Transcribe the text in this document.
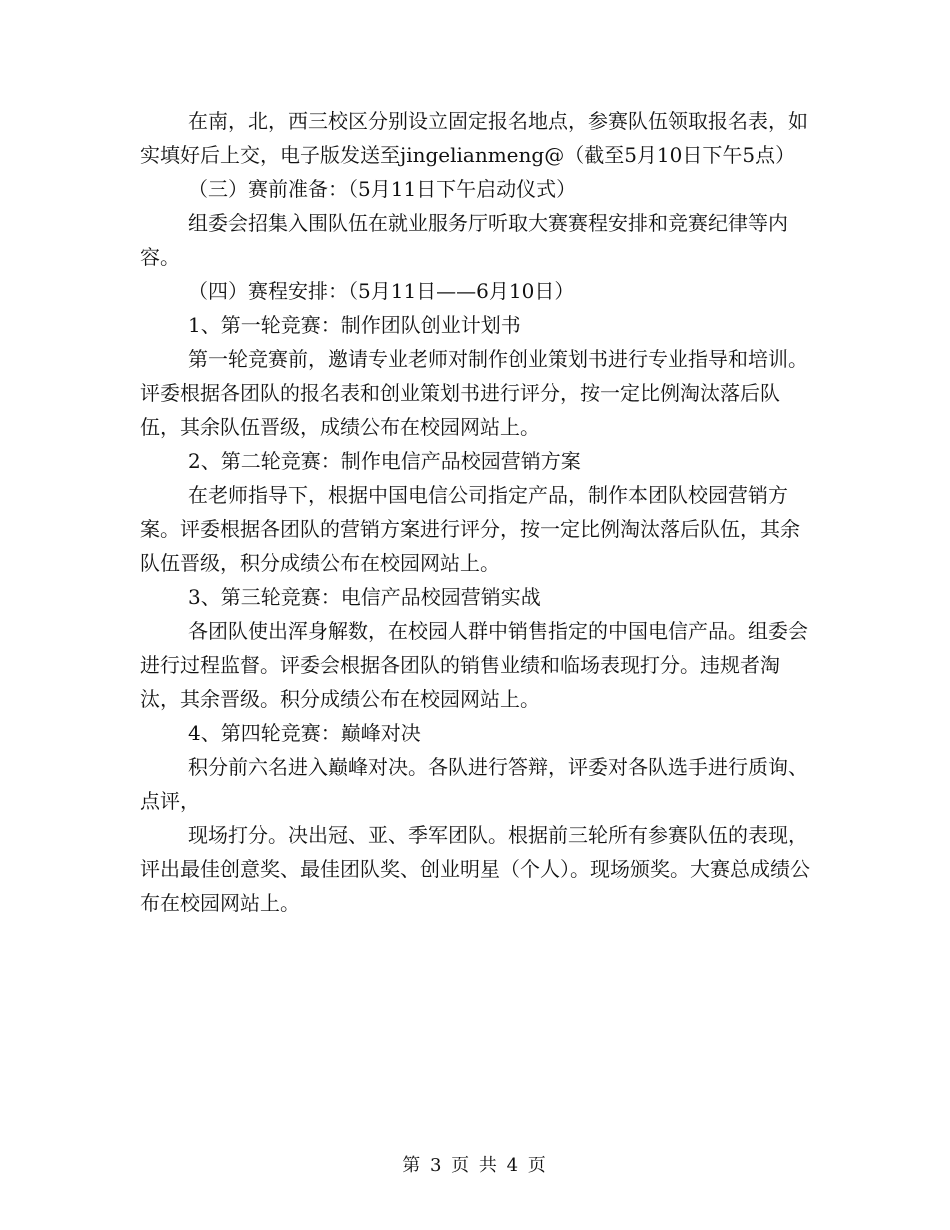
在南，北，西三校区分别设立固定报名地点，参赛队伍领取报名表，如实填好后上交，电子版发送至jingelianmeng@（截至5月10日下午5点）

（三）赛前准备：（5月11日下午启动仪式）

组委会招集入围队伍在就业服务厅听取大赛赛程安排和竞赛纪律等内容。

（四）赛程安排：（5月11日——6月10日）

1、第一轮竞赛：制作团队创业计划书

第一轮竞赛前，邀请专业老师对制作创业策划书进行专业指导和培训。评委根据各团队的报名表和创业策划书进行评分，按一定比例淘汰落后队伍，其余队伍晋级，成绩公布在校园网站上。

2、第二轮竞赛：制作电信产品校园营销方案

在老师指导下，根据中国电信公司指定产品，制作本团队校园营销方案。评委根据各团队的营销方案进行评分，按一定比例淘汰落后队伍，其余队伍晋级，积分成绩公布在校园网站上。

3、第三轮竞赛：电信产品校园营销实战

各团队使出浑身解数，在校园人群中销售指定的中国电信产品。组委会进行过程监督。评委会根据各团队的销售业绩和临场表现打分。违规者淘汰，其余晋级。积分成绩公布在校园网站上。

4、第四轮竞赛：巅峰对决

积分前六名进入巅峰对决。各队进行答辩，评委对各队选手进行质询、点评，

现场打分。决出冠、亚、季军团队。根据前三轮所有参赛队伍的表现，评出最佳创意奖、最佳团队奖、创业明星（个人）。现场颁奖。大赛总成绩公布在校园网站上。

第 3 页 共 4 页
